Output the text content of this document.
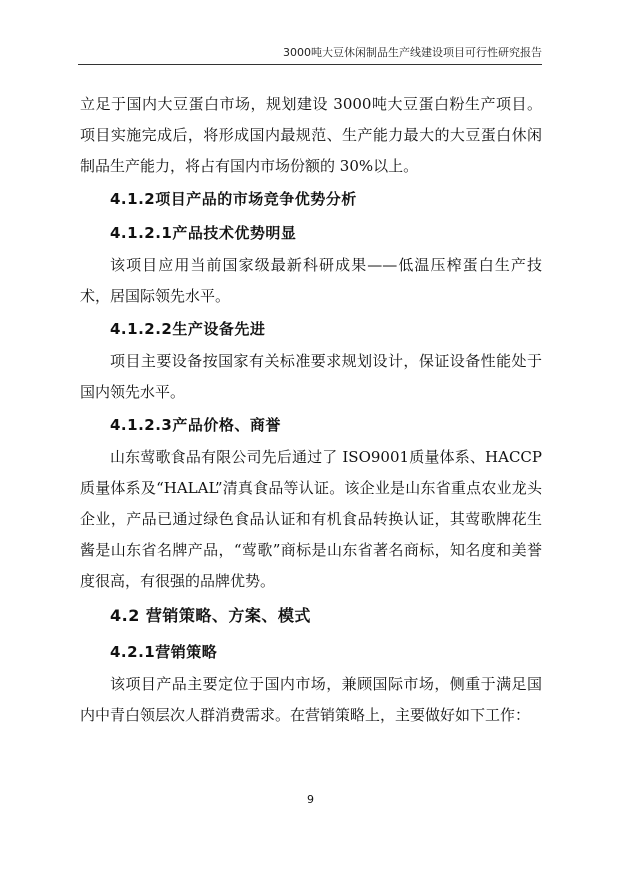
3000吨大豆休闲制品生产线建设项目可行性研究报告

立足于国内大豆蛋白市场，规划建设 3000吨大豆蛋白粉生产项目。项目实施完成后，将形成国内最规范、生产能力最大的大豆蛋白休闲制品生产能力，将占有国内市场份额的 30%以上。

4.1.2项目产品的市场竞争优势分析

4.1.2.1产品技术优势明显

该项目应用当前国家级最新科研成果——低温压榨蛋白生产技术，居国际领先水平。

4.1.2.2生产设备先进

项目主要设备按国家有关标准要求规划设计，保证设备性能处于国内领先水平。

4.1.2.3产品价格、商誉

山东莺歌食品有限公司先后通过了 ISO9001质量体系、HACCP质量体系及“HALAL”清真食品等认证。该企业是山东省重点农业龙头企业，产品已通过绿色食品认证和有机食品转换认证，其莺歌牌花生酱是山东省名牌产品，“莺歌”商标是山东省著名商标，知名度和美誉度很高，有很强的品牌优势。

4.2 营销策略、方案、模式

4.2.1营销策略

该项目产品主要定位于国内市场，兼顾国际市场，侧重于满足国内中青白领层次人群消费需求。在营销策略上，主要做好如下工作：

9
